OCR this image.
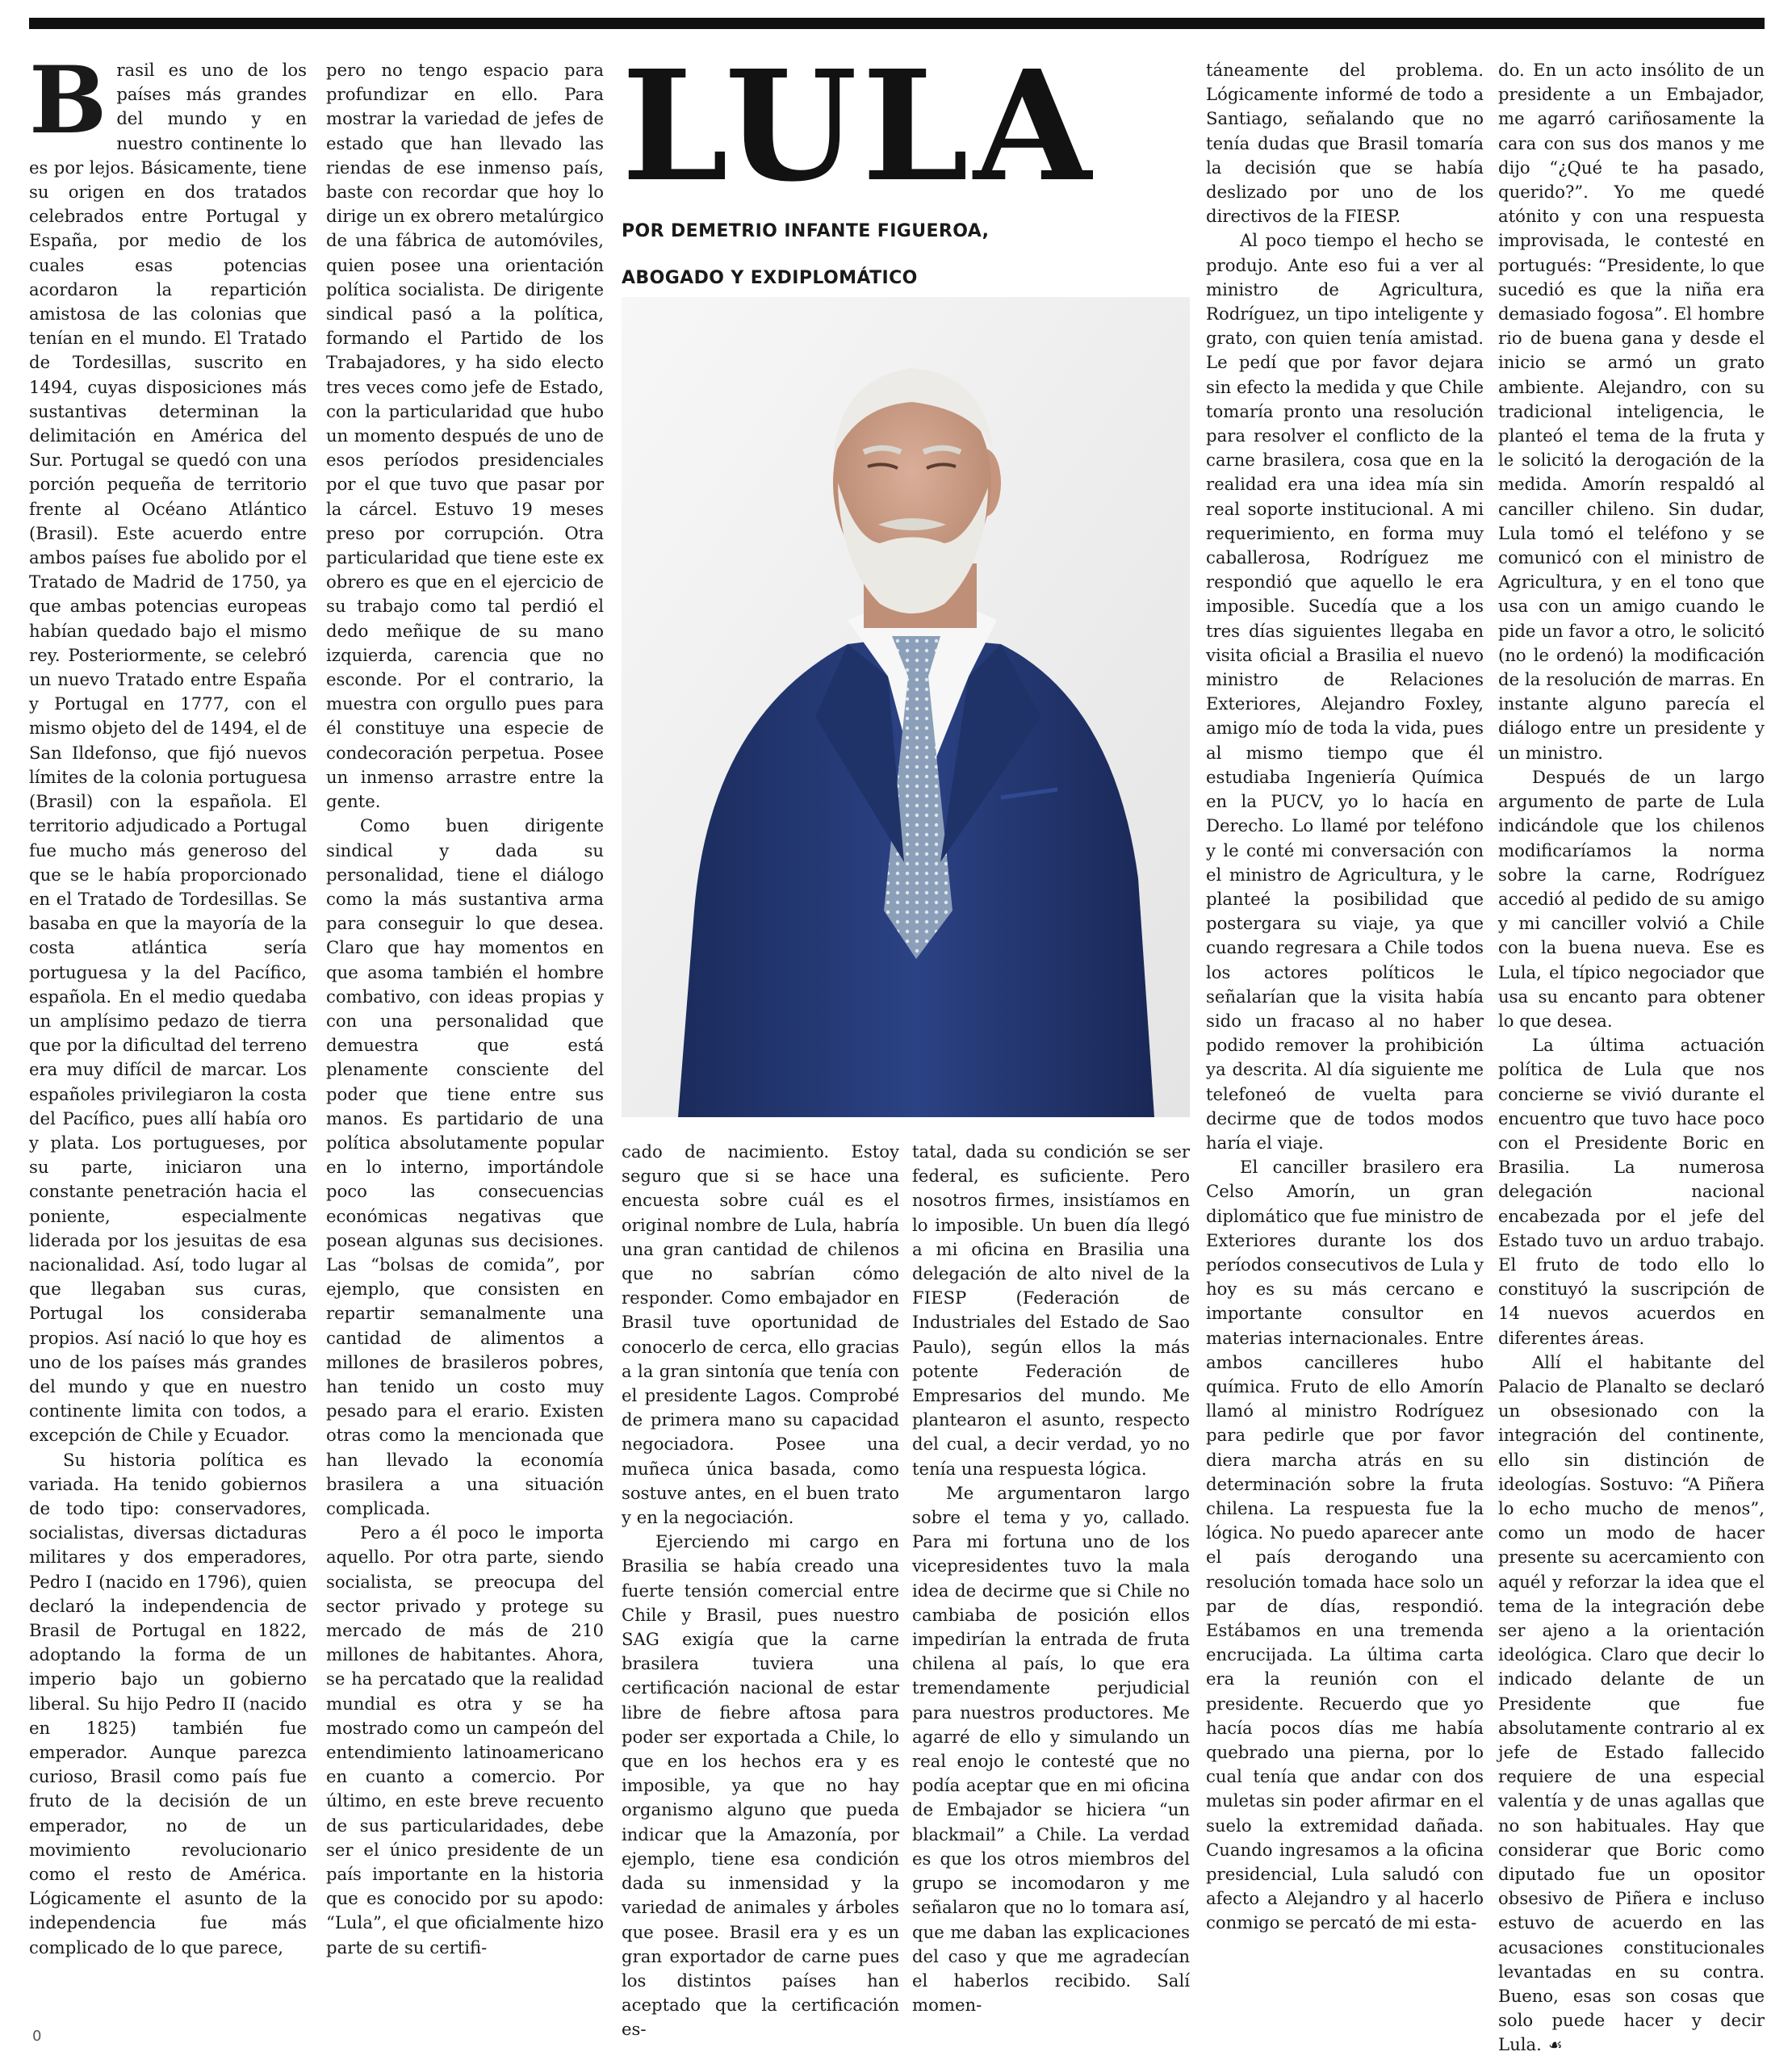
Brasil es uno de los países más grandes del mundo y en nuestro continente lo es por lejos. Básicamente, tiene su origen en dos tratados celebrados entre Portugal y España, por medio de los cuales esas potencias acordaron la repartición amistosa de las colonias que tenían en el mundo. El Tratado de Tordesillas, suscrito en 1494, cuyas disposiciones más sustantivas determinan la delimitación en América del Sur. Portugal se quedó con una porción pequeña de territorio frente al Océano Atlántico (Brasil). Este acuerdo entre ambos países fue abolido por el Tratado de Madrid de 1750, ya que ambas potencias europeas habían quedado bajo el mismo rey. Posteriormente, se celebró un nuevo Tratado entre España y Portugal en 1777, con el mismo objeto del de 1494, el de San Ildefonso, que fijó nuevos límites de la colonia portuguesa (Brasil) con la española. El territorio adjudicado a Portugal fue mucho más generoso del que se le había proporcionado en el Tratado de Tordesillas. Se basaba en que la mayoría de la costa atlántica sería portuguesa y la del Pacífico, española. En el medio quedaba un amplísimo pedazo de tierra que por la dificultad del terreno era muy difícil de marcar. Los españoles privilegiaron la costa del Pacífico, pues allí había oro y plata. Los portugueses, por su parte, iniciaron una constante penetración hacia el poniente, especialmente liderada por los jesuitas de esa nacionalidad. Así, todo lugar al que llegaban sus curas, Portugal los consideraba propios. Así nació lo que hoy es uno de los países más grandes del mundo y que en nuestro continente limita con todos, a excepción de Chile y Ecuador.

Su historia política es variada. Ha tenido gobiernos de todo tipo: conservadores, socialistas, diversas dictaduras militares y dos emperadores, Pedro I (nacido en 1796), quien declaró la independencia de Brasil de Portugal en 1822, adoptando la forma de un imperio bajo un gobierno liberal. Su hijo Pedro II (nacido en 1825) también fue emperador. Aunque parezca curioso, Brasil como país fue fruto de la decisión de un emperador, no de un movimiento revolucionario como el resto de América. Lógicamente el asunto de la independencia fue más complicado de lo que parece,

pero no tengo espacio para profundizar en ello. Para mostrar la variedad de jefes de estado que han llevado las riendas de ese inmenso país, baste con recordar que hoy lo dirige un ex obrero metalúrgico de una fábrica de automóviles, quien posee una orientación política socialista. De dirigente sindical pasó a la política, formando el Partido de los Trabajadores, y ha sido electo tres veces como jefe de Estado, con la particularidad que hubo un momento después de uno de esos períodos presidenciales por el que tuvo que pasar por la cárcel. Estuvo 19 meses preso por corrupción. Otra particularidad que tiene este ex obrero es que en el ejercicio de su trabajo como tal perdió el dedo meñique de su mano izquierda, carencia que no esconde. Por el contrario, la muestra con orgullo pues para él constituye una especie de condecoración perpetua. Posee un inmenso arrastre entre la gente.

Como buen dirigente sindical y dada su personalidad, tiene el diálogo como la más sustantiva arma para conseguir lo que desea. Claro que hay momentos en que asoma también el hombre combativo, con ideas propias y con una personalidad que demuestra que está plenamente consciente del poder que tiene entre sus manos. Es partidario de una política absolutamente popular en lo interno, importándole poco las consecuencias económicas negativas que posean algunas sus decisiones. Las “bolsas de comida”, por ejemplo, que consisten en repartir semanalmente una cantidad de alimentos a millones de brasileros pobres, han tenido un costo muy pesado para el erario. Existen otras como la mencionada que han llevado la economía brasilera a una situación complicada.

Pero a él poco le importa aquello. Por otra parte, siendo socialista, se preocupa del sector privado y protege su mercado de más de 210 millones de habitantes. Ahora, se ha percatado que la realidad mundial es otra y se ha mostrado como un campeón del entendimiento latinoamericano en cuanto a comercio. Por último, en este breve recuento de sus particularidades, debe ser el único presidente de un país importante en la historia que es conocido por su apodo: “Lula”, el que oficialmente hizo parte de su certifi-

LULA
POR DEMETRIO INFANTE FIGUEROA,
ABOGADO Y EXDIPLOMÁTICO

cado de nacimiento. Estoy seguro que si se hace una encuesta sobre cuál es el original nombre de Lula, habría una gran cantidad de chilenos que no sabrían cómo responder. Como embajador en Brasil tuve oportunidad de conocerlo de cerca, ello gracias a la gran sintonía que tenía con el presidente Lagos. Comprobé de primera mano su capacidad negociadora. Posee una muñeca única basada, como sostuve antes, en el buen trato y en la negociación.

Ejerciendo mi cargo en Brasilia se había creado una fuerte tensión comercial entre Chile y Brasil, pues nuestro SAG exigía que la carne brasilera tuviera una certificación nacional de estar libre de fiebre aftosa para poder ser exportada a Chile, lo que en los hechos era y es imposible, ya que no hay organismo alguno que pueda indicar que la Amazonía, por ejemplo, tiene esa condición dada su inmensidad y la variedad de animales y árboles que posee. Brasil era y es un gran exportador de carne pues los distintos países han aceptado que la certificación es-

tatal, dada su condición se ser federal, es suficiente. Pero nosotros firmes, insistíamos en lo imposible. Un buen día llegó a mi oficina en Brasilia una delegación de alto nivel de la FIESP (Federación de Industriales del Estado de Sao Paulo), según ellos la más potente Federación de Empresarios del mundo. Me plantearon el asunto, respecto del cual, a decir verdad, yo no tenía una respuesta lógica.

Me argumentaron largo sobre el tema y yo, callado. Para mi fortuna uno de los vicepresidentes tuvo la mala idea de decirme que si Chile no cambiaba de posición ellos impedirían la entrada de fruta chilena al país, lo que era tremendamente perjudicial para nuestros productores. Me agarré de ello y simulando un real enojo le contesté que no podía aceptar que en mi oficina de Embajador se hiciera “un blackmail” a Chile. La verdad es que los otros miembros del grupo se incomodaron y me señalaron que no lo tomara así, que me daban las explicaciones del caso y que me agradecían el haberlos recibido. Salí momen-

táneamente del problema. Lógicamente informé de todo a Santiago, señalando que no tenía dudas que Brasil tomaría la decisión que se había deslizado por uno de los directivos de la FIESP.

Al poco tiempo el hecho se produjo. Ante eso fui a ver al ministro de Agricultura, Rodríguez, un tipo inteligente y grato, con quien tenía amistad. Le pedí que por favor dejara sin efecto la medida y que Chile tomaría pronto una resolución para resolver el conflicto de la carne brasilera, cosa que en la realidad era una idea mía sin real soporte institucional. A mi requerimiento, en forma muy caballerosa, Rodríguez me respondió que aquello le era imposible. Sucedía que a los tres días siguientes llegaba en visita oficial a Brasilia el nuevo ministro de Relaciones Exteriores, Alejandro Foxley, amigo mío de toda la vida, pues al mismo tiempo que él estudiaba Ingeniería Química en la PUCV, yo lo hacía en Derecho. Lo llamé por teléfono y le conté mi conversación con el ministro de Agricultura, y le planteé la posibilidad que postergara su viaje, ya que cuando regresara a Chile todos los actores políticos le señalarían que la visita había sido un fracaso al no haber podido remover la prohibición ya descrita. Al día siguiente me telefoneó de vuelta para decirme que de todos modos haría el viaje.

El canciller brasilero era Celso Amorín, un gran diplomático que fue ministro de Exteriores durante los dos períodos consecutivos de Lula y hoy es su más cercano e importante consultor en materias internacionales. Entre ambos cancilleres hubo química. Fruto de ello Amorín llamó al ministro Rodríguez para pedirle que por favor diera marcha atrás en su determinación sobre la fruta chilena. La respuesta fue la lógica. No puedo aparecer ante el país derogando una resolución tomada hace solo un par de días, respondió. Estábamos en una tremenda encrucijada. La última carta era la reunión con el presidente. Recuerdo que yo hacía pocos días me había quebrado una pierna, por lo cual tenía que andar con dos muletas sin poder afirmar en el suelo la extremidad dañada. Cuando ingresamos a la oficina presidencial, Lula saludó con afecto a Alejandro y al hacerlo conmigo se percató de mi esta-

do. En un acto insólito de un presidente a un Embajador, me agarró cariñosamente la cara con sus dos manos y me dijo “¿Qué te ha pasado, querido?”. Yo me quedé atónito y con una respuesta improvisada, le contesté en portugués: “Presidente, lo que sucedió es que la niña era demasiado fogosa”. El hombre rio de buena gana y desde el inicio se armó un grato ambiente. Alejandro, con su tradicional inteligencia, le planteó el tema de la fruta y le solicitó la derogación de la medida. Amorín respaldó al canciller chileno. Sin dudar, Lula tomó el teléfono y se comunicó con el ministro de Agricultura, y en el tono que usa con un amigo cuando le pide un favor a otro, le solicitó (no le ordenó) la modificación de la resolución de marras. En instante alguno parecía el diálogo entre un presidente y un ministro.

Después de un largo argumento de parte de Lula indicándole que los chilenos modificaríamos la norma sobre la carne, Rodríguez accedió al pedido de su amigo y mi canciller volvió a Chile con la buena nueva. Ese es Lula, el típico negociador que usa su encanto para obtener lo que desea.

La última actuación política de Lula que nos concierne se vivió durante el encuentro que tuvo hace poco con el Presidente Boric en Brasilia. La numerosa delegación nacional encabezada por el jefe del Estado tuvo un arduo trabajo. El fruto de todo ello lo constituyó la suscripción de 14 nuevos acuerdos en diferentes áreas.

Allí el habitante del Palacio de Planalto se declaró un obsesionado con la integración del continente, ello sin distinción de ideologías. Sostuvo: “A Piñera lo echo mucho de menos”, como un modo de hacer presente su acercamiento con aquél y reforzar la idea que el tema de la integración debe ser ajeno a la orientación ideológica. Claro que decir lo indicado delante de un Presidente que fue absolutamente contrario al ex jefe de Estado fallecido requiere de una especial valentía y de unas agallas que no son habituales. Hay que considerar que Boric como diputado fue un opositor obsesivo de Piñera e incluso estuvo de acuerdo en las acusaciones constitucionales levantadas en su contra. Bueno, esas son cosas que solo puede hacer y decir Lula. ☙

0
